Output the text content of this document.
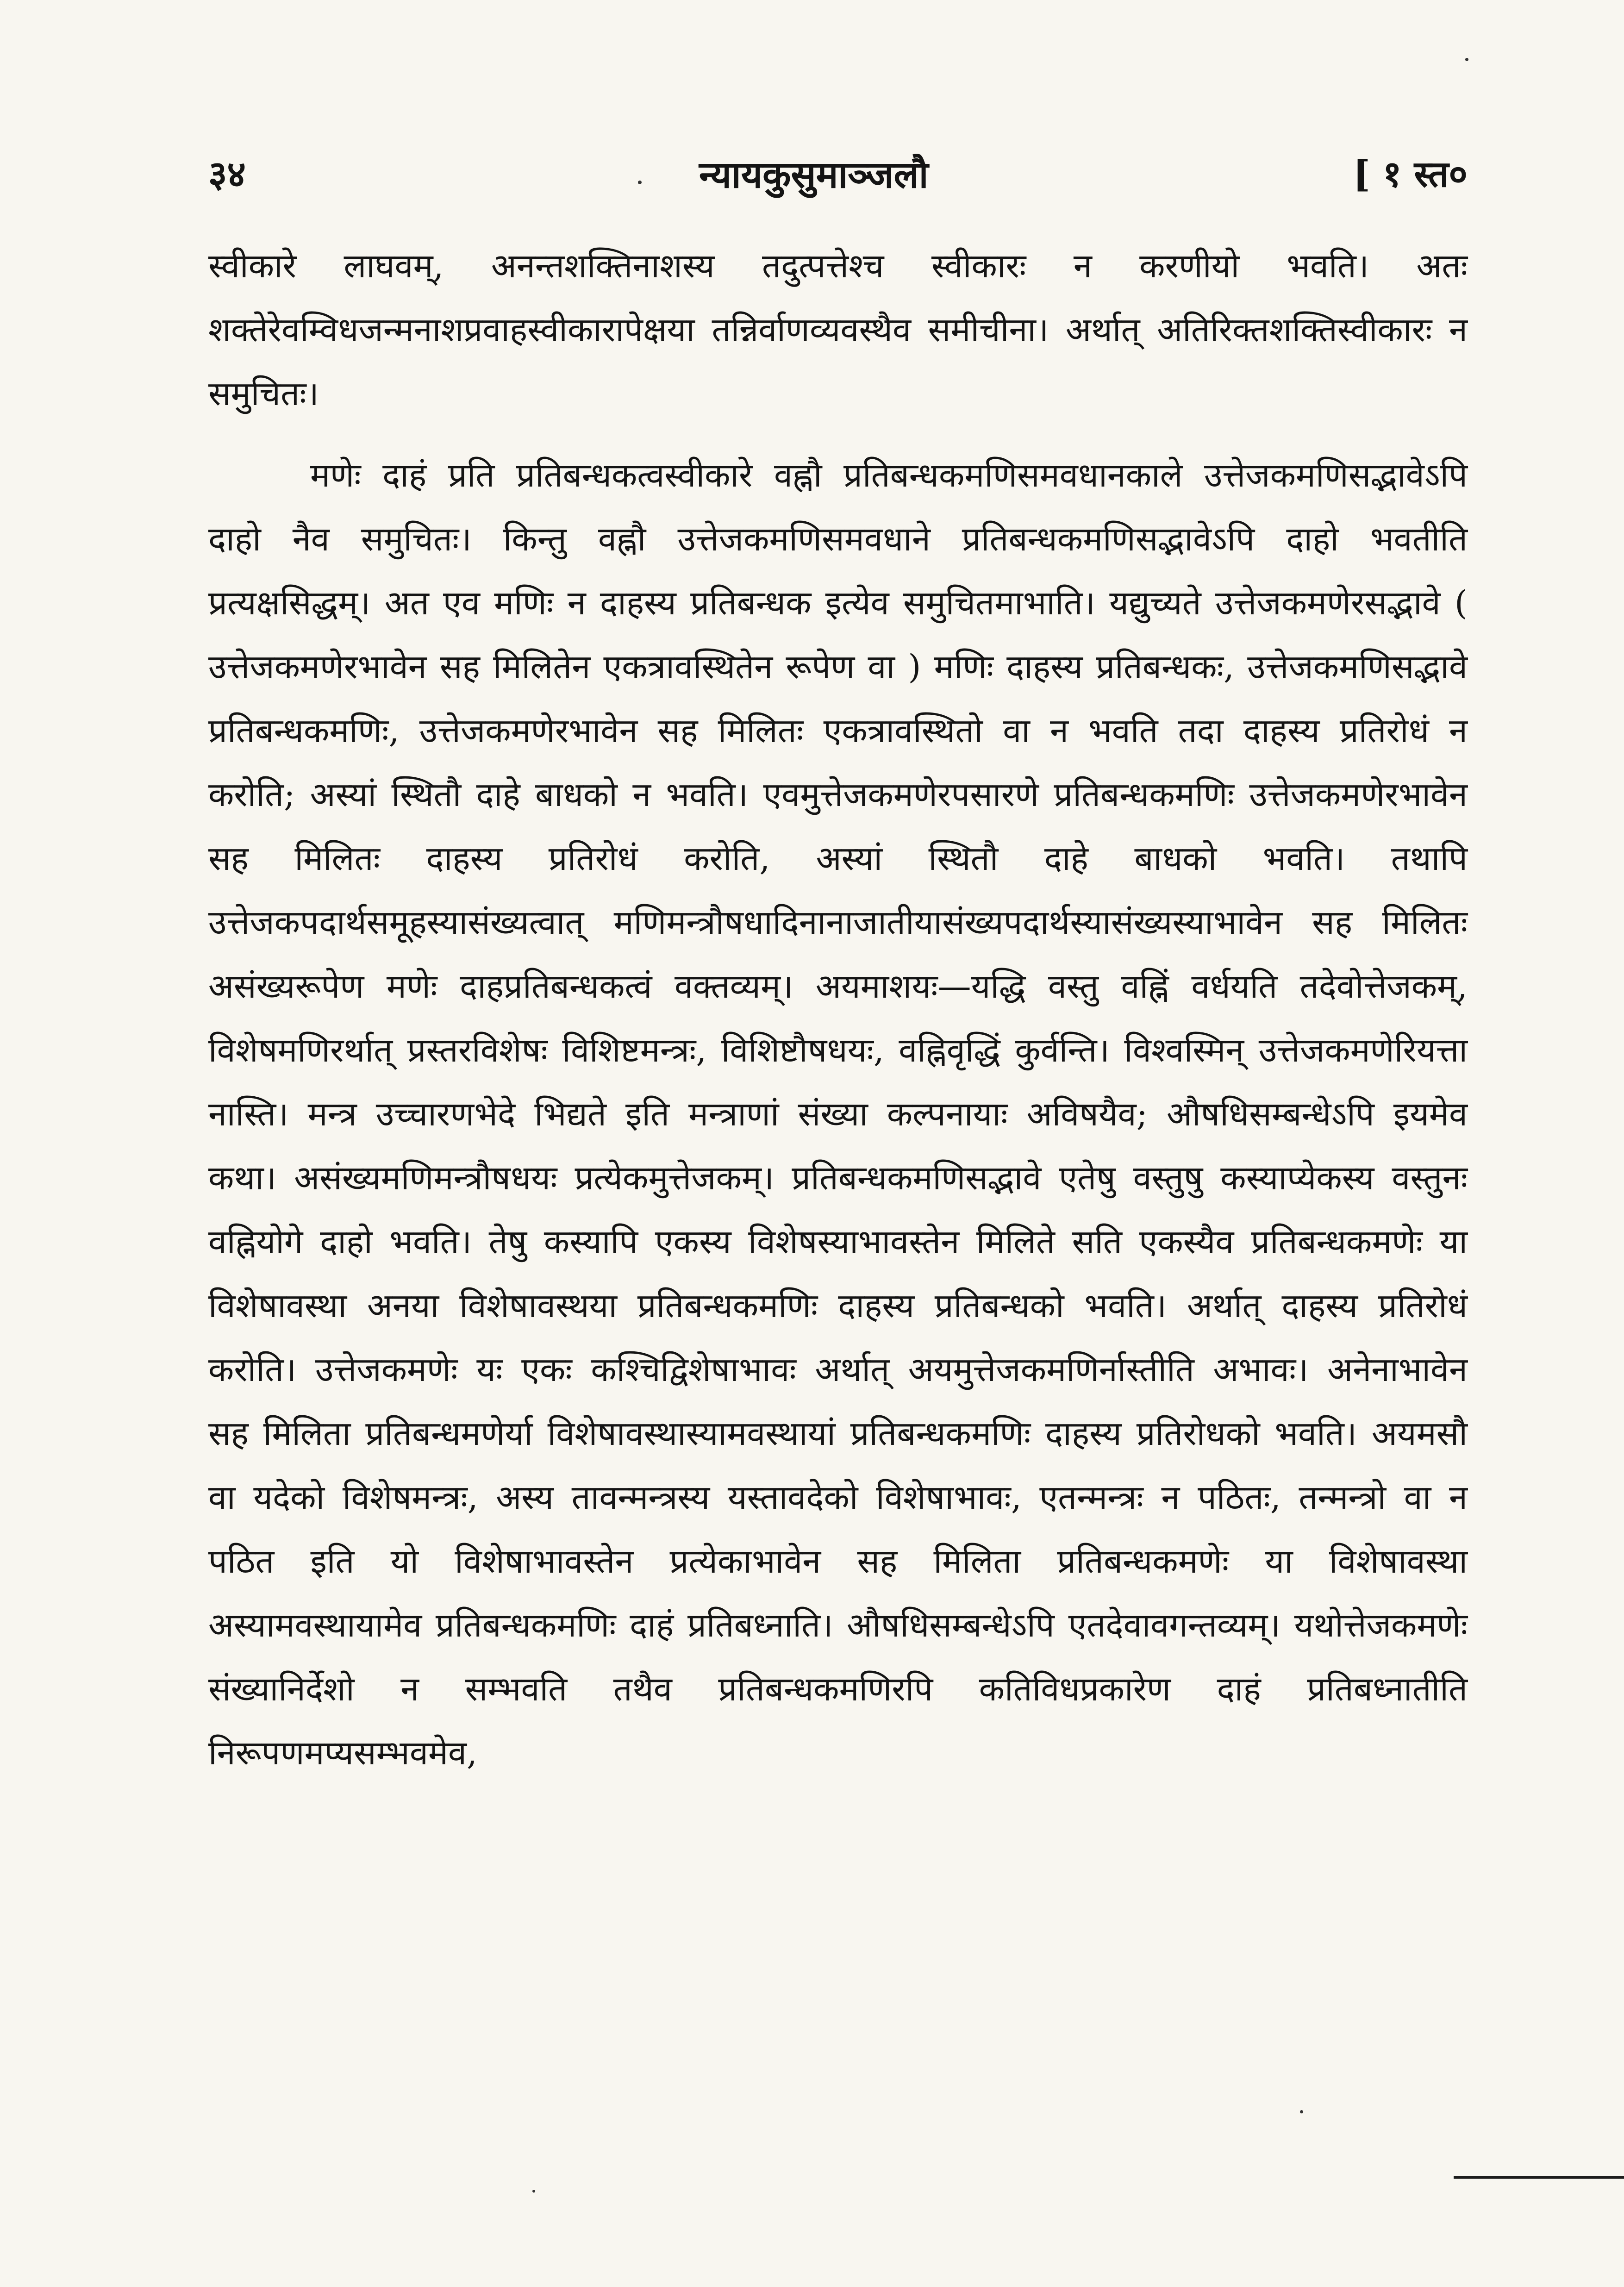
३४	न्यायकुसुमाञ्जलौ	[ १ स्त०

स्वीकारे लाघवम्, अनन्तशक्तिनाशस्य तदुत्पत्तेश्च स्वीकारः न करणीयो भवति। अतः शक्तेरेवम्विधजन्मनाशप्रवाहस्वीकारापेक्षया तन्निर्वाणव्यवस्थैव समीचीना। अर्थात् अतिरिक्तशक्तिस्वीकारः न समुचितः।

मणेः दाहं प्रति प्रतिबन्धकत्वस्वीकारे वह्नौ प्रतिबन्धकमणिसमवधानकाले उत्तेजकमणिसद्भावेऽपि दाहो नैव समुचितः। किन्तु वह्नौ उत्तेजकमणिसमवधाने प्रतिबन्धकमणिसद्भावेऽपि दाहो भवतीति प्रत्यक्षसिद्धम्। अत एव मणिः न दाहस्य प्रतिबन्धक इत्येव समुचितमाभाति। यद्युच्यते उत्तेजकमणेरसद्भावे ( उत्तेजकमणेरभावेन सह मिलितेन एकत्रावस्थितेन रूपेण वा ) मणिः दाहस्य प्रतिबन्धकः, उत्तेजकमणिसद्भावे प्रतिबन्धकमणिः, उत्तेजकमणेरभावेन सह मिलितः एकत्रावस्थितो वा न भवति तदा दाहस्य प्रतिरोधं न करोति; अस्यां स्थितौ दाहे बाधको न भवति। एवमुत्तेजकमणेरपसारणे प्रतिबन्धकमणिः उत्तेजकमणेरभावेन सह मिलितः दाहस्य प्रतिरोधं करोति, अस्यां स्थितौ दाहे बाधको भवति। तथापि उत्तेजकपदार्थसमूहस्यासंख्यत्वात् मणिमन्त्रौषधादिनानाजातीयासंख्यपदार्थस्यासंख्यस्याभावेन सह मिलितः असंख्यरूपेण मणेः दाहप्रतिबन्धकत्वं वक्तव्यम्। अयमाशयः—यद्धि वस्तु वह्निं वर्धयति तदेवोत्तेजकम्, विशेषमणिरर्थात् प्रस्तरविशेषः विशिष्टमन्त्रः, विशिष्टौषधयः, वह्निवृद्धिं कुर्वन्ति। विश्वस्मिन् उत्तेजकमणेरियत्ता नास्ति। मन्त्र उच्चारणभेदे भिद्यते इति मन्त्राणां संख्या कल्पनायाः अविषयैव; औषधिसम्बन्धेऽपि इयमेव कथा। असंख्यमणिमन्त्रौषधयः प्रत्येकमुत्तेजकम्। प्रतिबन्धकमणिसद्भावे एतेषु वस्तुषु कस्याप्येकस्य वस्तुनः वह्नियोगे दाहो भवति। तेषु कस्यापि एकस्य विशेषस्याभावस्तेन मिलिते सति एकस्यैव प्रतिबन्धकमणेः या विशेषावस्था अनया विशेषावस्थया प्रतिबन्धकमणिः दाहस्य प्रतिबन्धको भवति। अर्थात् दाहस्य प्रतिरोधं करोति। उत्तेजकमणेः यः एकः कश्चिद्विशेषाभावः अर्थात् अयमुत्तेजकमणिर्नास्तीति अभावः। अनेनाभावेन सह मिलिता प्रतिबन्धमणेर्या विशेषावस्थास्यामवस्थायां प्रतिबन्धकमणिः दाहस्य प्रतिरोधको भवति। अयमसौ वा यदेको विशेषमन्त्रः, अस्य तावन्मन्त्रस्य यस्तावदेको विशेषाभावः, एतन्मन्त्रः न पठितः, तन्मन्त्रो वा न पठित इति यो विशेषाभावस्तेन प्रत्येकाभावेन सह मिलिता प्रतिबन्धकमणेः या विशेषावस्था अस्यामवस्थायामेव प्रतिबन्धकमणिः दाहं प्रतिबध्नाति। औषधिसम्बन्धेऽपि एतदेवावगन्तव्यम्। यथोत्तेजकमणेः संख्यानिर्देशो न सम्भवति तथैव प्रतिबन्धकमणिरपि कतिविधप्रकारेण दाहं प्रतिबध्नातीति निरूपणमप्यसम्भवमेव,
